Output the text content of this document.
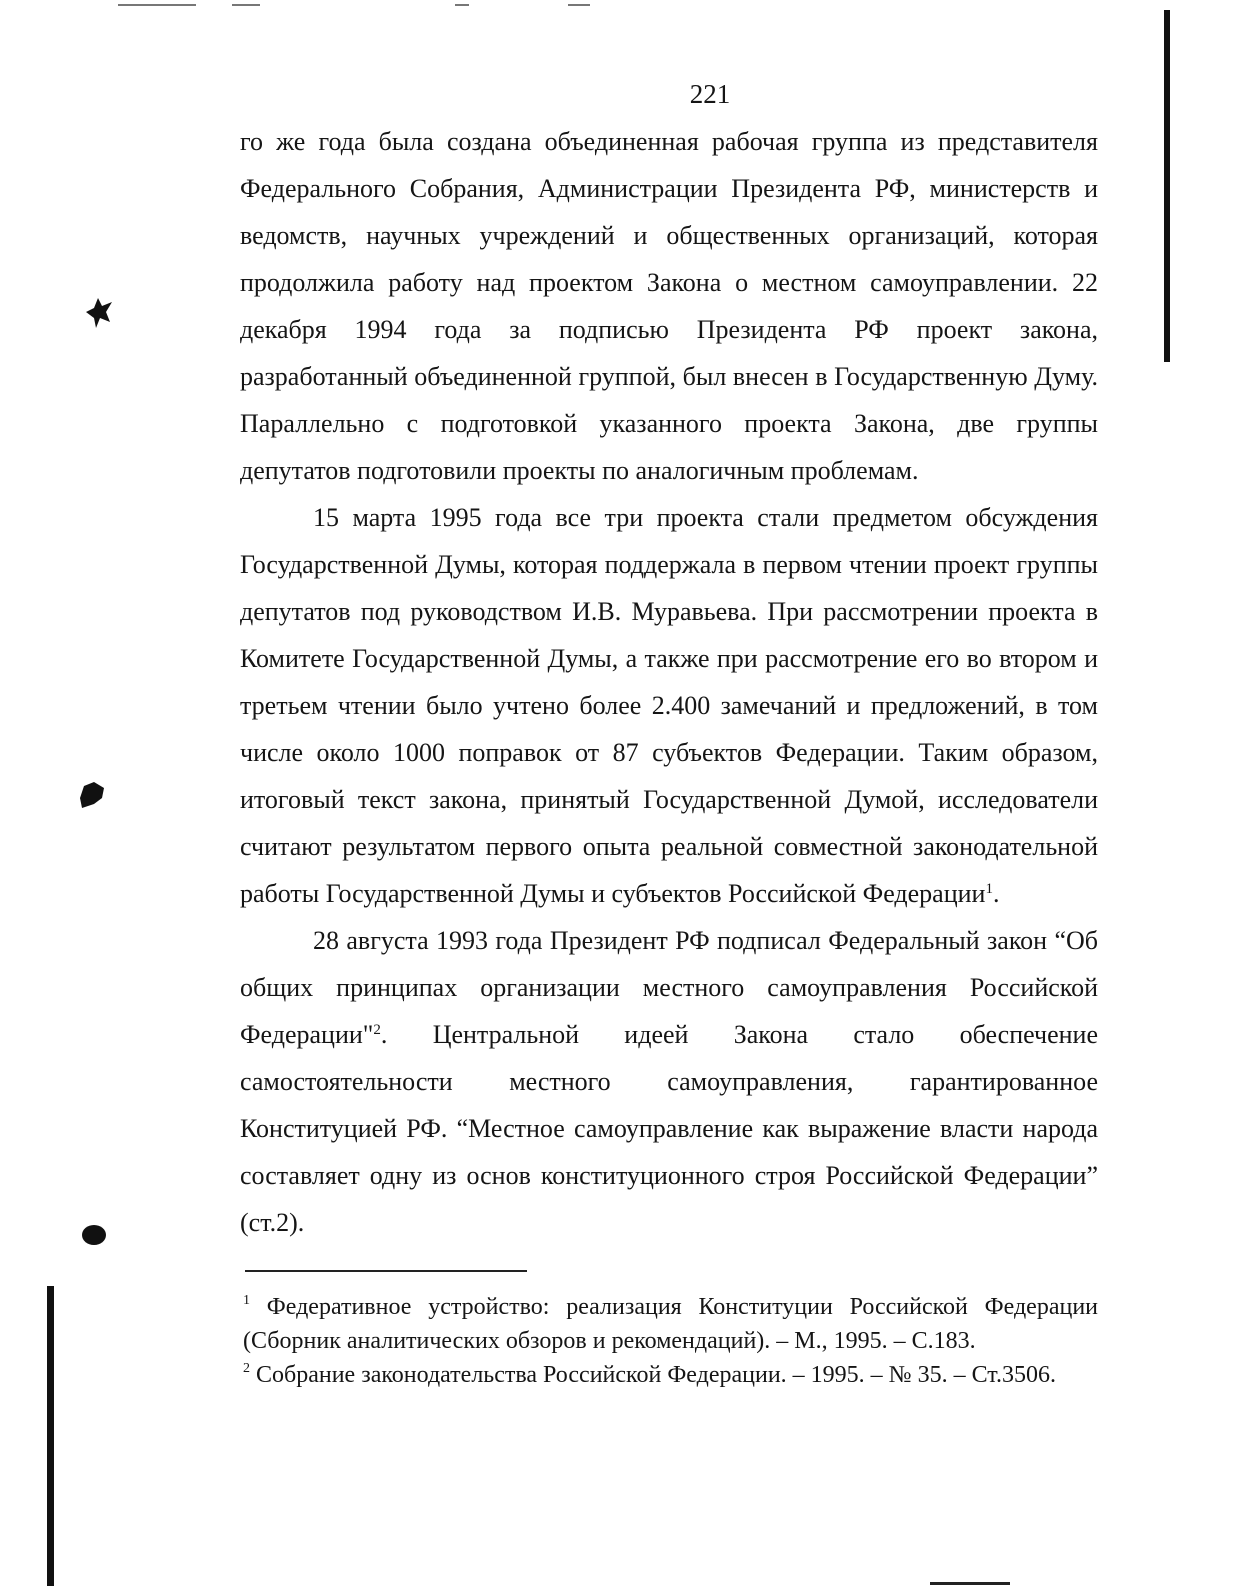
221

го же года была создана объединенная рабочая группа из представителя Федерального Собрания, Администрации Президента РФ, министерств и ведомств, научных учреждений и общественных организаций, которая продолжила работу над проектом Закона о местном самоуправлении. 22 декабря 1994 года за подписью Президента РФ проект закона, разработанный объединенной группой, был внесен в Государственную Думу. Параллельно с подготовкой указанного проекта Закона, две группы депутатов подготовили проекты по аналогичным проблемам.

15 марта 1995 года все три проекта стали предметом обсуждения Государственной Думы, которая поддержала в первом чтении проект группы депутатов под руководством И.В. Муравьева. При рассмотрении проекта в Комитете Государственной Думы, а также при рассмотрение его во втором и третьем чтении было учтено более 2.400 замечаний и предложений, в том числе около 1000 поправок от 87 субъектов Федерации. Таким образом, итоговый текст закона, принятый Государственной Думой, исследователи считают результатом первого опыта реальной совместной законодательной работы Государственной Думы и субъектов Российской Федерации$^1$.

28 августа 1993 года Президент РФ подписал Федеральный закон “Об общих принципах организации местного самоуправления Российской Федерации"$^2$. Центральной идеей Закона стало обеспечение самостоятельности местного самоуправления, гарантированное Конституцией РФ. “Местное самоуправление как выражение власти народа составляет одну из основ конституционного строя Российской Федерации” (ст.2).

$^1$ Федеративное устройство: реализация Конституции Российской Федерации (Сборник аналитических обзоров и рекомендаций). – М., 1995. – С.183.

$^2$ Собрание законодательства Российской Федерации. – 1995. – № 35. – Ст.3506.
